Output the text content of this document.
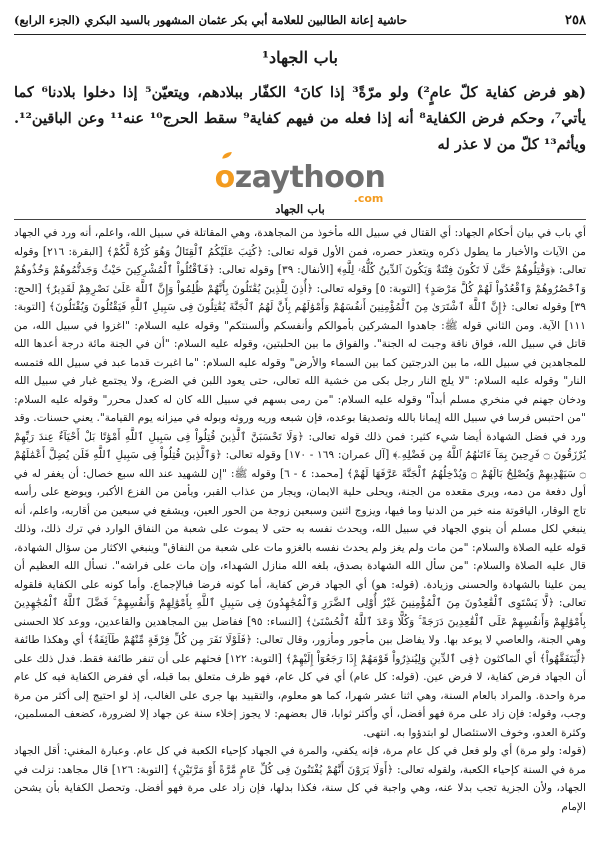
حاشية إعانة الطالبين للعلامة أبي بكر عثمان المشهور بالسيد البكري (الجزء الرابع)	٢٥٨
باب الجهاد¹

(هو فرض كفاية كلّ عامٍ²) ولو مرّةً³ إذا كانَ⁴ الكفّار ببلادهم، ويتعيّن⁵ إذا دخلوا بلادنا⁶ كما يأتي⁷، وحكم فرض الكفاية⁸ أنه إذا فعله من فيهم كفاية⁹ سقط الحرج¹⁰ عنه¹¹ وعن الباقين¹². ويأثم¹³ كلّ من لا عذر له

ozaythoon
.com
باب الجهاد

أي باب في بيان أحكام الجهاد: أي القتال في سبيل الله مأخوذ من المجاهدة، وهي المقاتلة في سبيل الله، واعلم، أنه ورد في الجهاد من الآيات والأخبار ما يطول ذكره ويتعذر حصره، فمن الأول قوله تعالى: ﴿كُتِبَ عَلَيْكُمُ ٱلْقِتَالُ وَهُوَ كُرْهٌ لَّكُمْ﴾ [البقرة: ٢١٦] وقوله تعالى: ﴿وَقَٰتِلُوهُمْ حَتَّىٰ لَا تَكُونَ فِتْنَةٌ وَيَكُونَ ٱلدِّينُ كُلُّهُۥ لِلَّهِ﴾ [الأنفال: ٣٩] وقوله تعالى: ﴿فَٱقْتُلُواْ ٱلْمُشْرِكِينَ حَيْثُ وَجَدتُّمُوهُمْ وَخُذُوهُمْ وَٱحْصُرُوهُمْ وَٱقْعُدُواْ لَهُمْ كُلَّ مَرْصَدٍ﴾ [التوبة: ٥] وقوله تعالى: ﴿أُذِنَ لِلَّذِينَ يُقَٰتَلُونَ بِأَنَّهُمْ ظُلِمُواْ وَإِنَّ ٱللَّهَ عَلَىٰ نَصْرِهِمْ لَقَدِيرٌ﴾ [الحج: ٣٩] وقوله تعالى: ﴿إِنَّ ٱللَّهَ ٱشْتَرَىٰ مِنَ ٱلْمُؤْمِنِينَ أَنفُسَهُمْ وَأَمْوَٰلَهُم بِأَنَّ لَهُمُ ٱلْجَنَّةَ يُقَٰتِلُونَ فِى سَبِيلِ ٱللَّهِ فَيَقْتُلُونَ وَيُقْتَلُونَ﴾ [التوبة: ١١١] الآية. ومن الثاني قوله ﷺ: جاهدوا المشركين بأموالكم وأنفسكم وألسنتكم" وقوله عليه السلام: "اغزوا في سبيل الله، من قاتل في سبيل الله، فواق ناقة وجبت له الجنة". والفواق ما بين الحلبتين، وقوله عليه السلام: "أن في الجنة مائة درجة أعدها الله للمجاهدين في سبيل الله، ما بين الدرجتين كما بين السماء والأرض" وقوله عليه السلام: "ما اغبرت قدما عبد في سبيل الله فتمسه النار" وقوله عليه السلام: "لا يلج النار رجل بكى من خشية الله تعالى، حتى يعود اللبن في الضرع، ولا يجتمع غبار في سبيل الله ودخان جهنم في منخري مسلم أبداً" وقوله عليه السلام: "من رمى بسهم في سبيل الله كان له كعدل محرر" وقوله عليه السلام: "من احتبس فرسا في سبيل الله إيمانا بالله وتصديقا بوعده، فإن شبعه وريه وروثه وبوله في ميزانه يوم القيامة". يعني حسنات. وقد ورد في فضل الشهادة أيضا شيء كثير: فمن ذلك قوله تعالى: ﴿وَلَا تَحْسَبَنَّ ٱلَّذِينَ قُتِلُواْ فِى سَبِيلِ ٱللَّهِ أَمْوَٰتًا بَلْ أَحْيَآءٌ عِندَ رَبِّهِمْ يُرْزَقُونَ ۝ فَرِحِينَ بِمَآ ءَاتَىٰهُمُ ٱللَّهُ مِن فَضْلِهِۦ﴾ [آل عمران: ١٦٩ - ١٧٠] وقوله تعالى: ﴿وَٱلَّذِينَ قُتِلُواْ فِى سَبِيلِ ٱللَّهِ فَلَن يُضِلَّ أَعْمَٰلَهُمْ ۝ سَيَهْدِيهِمْ وَيُصْلِحُ بَالَهُمْ ۝ وَيُدْخِلُهُمُ ٱلْجَنَّةَ عَرَّفَهَا لَهُمْ﴾ [محمد: ٤ - ٦] وقوله ﷺ: "إن للشهيد عند الله سبع خصال: أن يغفر له في أول دفعة من دمه، ويرى مقعده من الجنة، ويحلى حلية الايمان، ويجار من عذاب القبر، ويأمن من الفزع الأكبر، ويوضع على رأسه تاج الوقار، الياقوتة منه خير من الدنيا وما فيها، ويزوج اثنين وسبعين زوجة من الحور العين، ويشفع في سبعين من أقاربه، واعلم، أنه ينبغي لكل مسلم أن ينوي الجهاد في سبيل الله، ويحدث نفسه به حتى لا يموت على شعبة من النفاق الوارد في ترك ذلك، وذلك قوله عليه الصلاة والسلام: "من مات ولم يغز ولم يحدث نفسه بالغزو مات على شعبة من النفاق" وينبغي الاكثار من سؤال الشهادة، قال عليه الصلاة والسلام: "من سأل الله الشهادة بصدق، بلغه الله منازل الشهداء، وإن مات على فراشه". نسأل الله العظيم أن يمن علينا بالشهادة والحسنى وزيادة. (قوله: هو) أي الجهاد فرض كفاية، أما كونه فرضا فبالإجماع. وأما كونه على الكفاية فلقوله تعالى: ﴿لَّا يَسْتَوِى ٱلْقَٰعِدُونَ مِنَ ٱلْمُؤْمِنِينَ غَيْرُ أُوْلِى ٱلضَّرَرِ وَٱلْمُجَٰهِدُونَ فِى سَبِيلِ ٱللَّهِ بِأَمْوَٰلِهِمْ وَأَنفُسِهِمْ ۚ فَضَّلَ ٱللَّهُ ٱلْمُجَٰهِدِينَ بِأَمْوَٰلِهِمْ وَأَنفُسِهِمْ عَلَى ٱلْقَٰعِدِينَ دَرَجَةً ۚ وَكُلًّا وَعَدَ ٱللَّهُ ٱلْحُسْنَىٰ﴾ [النساء: ٩٥] ففاضل بين المجاهدين والقاعدين، ووعد كلا الحسنى وهي الجنة، والعاصي لا يوعد بها. ولا يفاضل بين مأجور ومأزور، وقال تعالى: ﴿فَلَوْلَا نَفَرَ مِن كُلِّ فِرْقَةٍ مِّنْهُمْ طَآئِفَةٌ﴾ أي وهكذا طائفة ﴿لِّيَتَفَقَّهُواْ﴾ أي الماكثون ﴿فِى ٱلدِّينِ وَلِيُنذِرُواْ قَوْمَهُمْ إِذَا رَجَعُوٓاْ إِلَيْهِمْ﴾ [التوبة: ١٢٢] فحثهم على أن تنفر طائفة فقط. فدل ذلك على أن الجهاد فرض كفاية، لا فرض عين. (قوله: كل عام) أي في كل عام، فهو ظرف متعلق بما قبله، أي ففرض الكفاية فيه كل عام مرة واحدة. والمراد بالعام السنة، وهي اثنا عشر شهرا، كما هو معلوم، والتقييد بها جرى على الغالب، إذ لو احتيج إلى أكثر من مرة وجب، وقوله: فإن زاد على مرة فهو أفضل، أي وأكثر ثوابا، قال بعضهم: لا يجوز إخلاء سنة عن جهاد إلا لضرورة، كضعف المسلمين، وكثرة العدو، وخوف الاستئصال لو ابتدؤوا به. انتهى.

(قوله: ولو مرة) أي ولو فعل في كل عام مرة، فإنه يكفي، والمرة في الجهاد كإحياء الكعبة في كل عام. وعبارة المغني: أقل الجهاد مرة في السنة كإحياء الكعبة، ولقوله تعالى: ﴿أَوَلَا يَرَوْنَ أَنَّهُمْ يُفْتَنُونَ فِى كُلِّ عَامٍ مَّرَّةً أَوْ مَرَّتَيْنِ﴾ [التوبة: ١٢٦] قال مجاهد: نزلت في الجهاد، ولأن الجزية تجب بدلا عنه، وهي واجبة في كل سنة، فكذا بدلها، فإن زاد على مرة فهو أفضل. وتحصل الكفاية بأن يشحن الإمام
